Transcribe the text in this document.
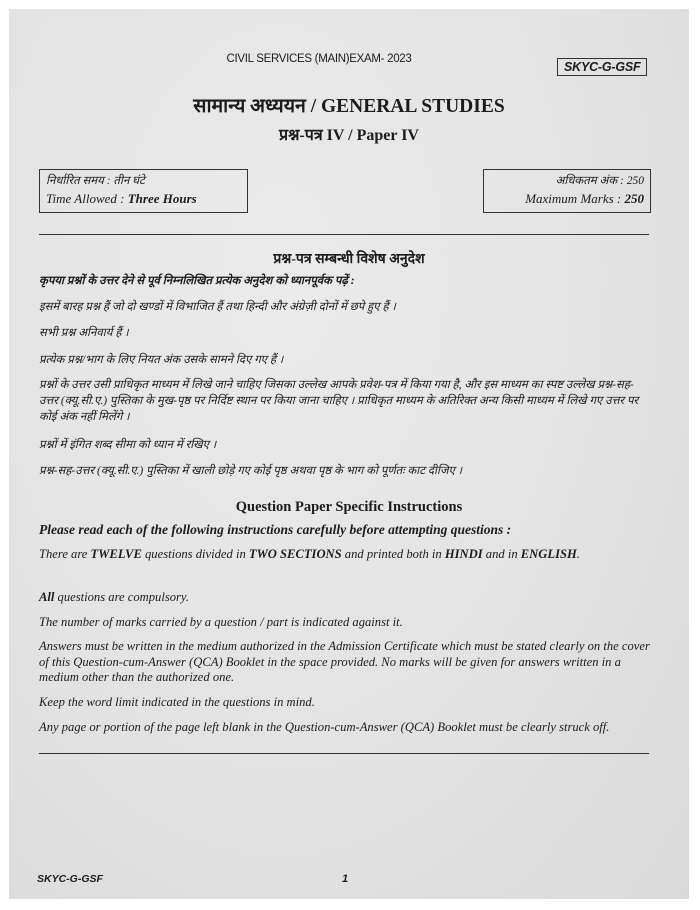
CIVIL SERVICES (MAIN)EXAM- 2023
SKYC-G-GSF
सामान्य अध्ययन / GENERAL STUDIES
प्रश्न-पत्र IV / Paper IV
निर्धारित समय : तीन घंटे
Time Allowed : Three Hours
अधिकतम अंक : 250
Maximum Marks : 250
प्रश्न-पत्र सम्बन्धी विशेष अनुदेश
कृपया प्रश्नों के उत्तर देने से पूर्व निम्नलिखित प्रत्येक अनुदेश को ध्यानपूर्वक पढ़ें :
इसमें बारह प्रश्न हैं जो दो खण्डों में विभाजित हैं तथा हिन्दी और अंग्रेज़ी दोनों में छपे हुए हैं ।
सभी प्रश्न अनिवार्य हैं ।
प्रत्येक प्रश्न/भाग के लिए नियत अंक उसके सामने दिए गए हैं ।
प्रश्नों के उत्तर उसी प्राधिकृत माध्यम में लिखे जाने चाहिए जिसका उल्लेख आपके प्रवेश-पत्र में किया गया है, और इस माध्यम का स्पष्ट उल्लेख प्रश्न-सह-उत्तर (क्यू.सी.ए.) पुस्तिका के मुख-पृष्ठ पर निर्दिष्ट स्थान पर किया जाना चाहिए । प्राधिकृत माध्यम के अतिरिक्त अन्य किसी माध्यम में लिखे गए उत्तर पर कोई अंक नहीं मिलेंगे ।
प्रश्नों में इंगित शब्द सीमा को ध्यान में रखिए ।
प्रश्न-सह-उत्तर (क्यू.सी.ए.) पुस्तिका में खाली छोड़े गए कोई पृष्ठ अथवा पृष्ठ के भाग को पूर्णतः काट दीजिए ।
Question Paper Specific Instructions
Please read each of the following instructions carefully before attempting questions :
There are TWELVE questions divided in TWO SECTIONS and printed both in HINDI and in ENGLISH.
All questions are compulsory.
The number of marks carried by a question / part is indicated against it.
Answers must be written in the medium authorized in the Admission Certificate which must be stated clearly on the cover of this Question-cum-Answer (QCA) Booklet in the space provided. No marks will be given for answers written in a medium other than the authorized one.
Keep the word limit indicated in the questions in mind.
Any page or portion of the page left blank in the Question-cum-Answer (QCA) Booklet must be clearly struck off.
SKYC-G-GSF	1
